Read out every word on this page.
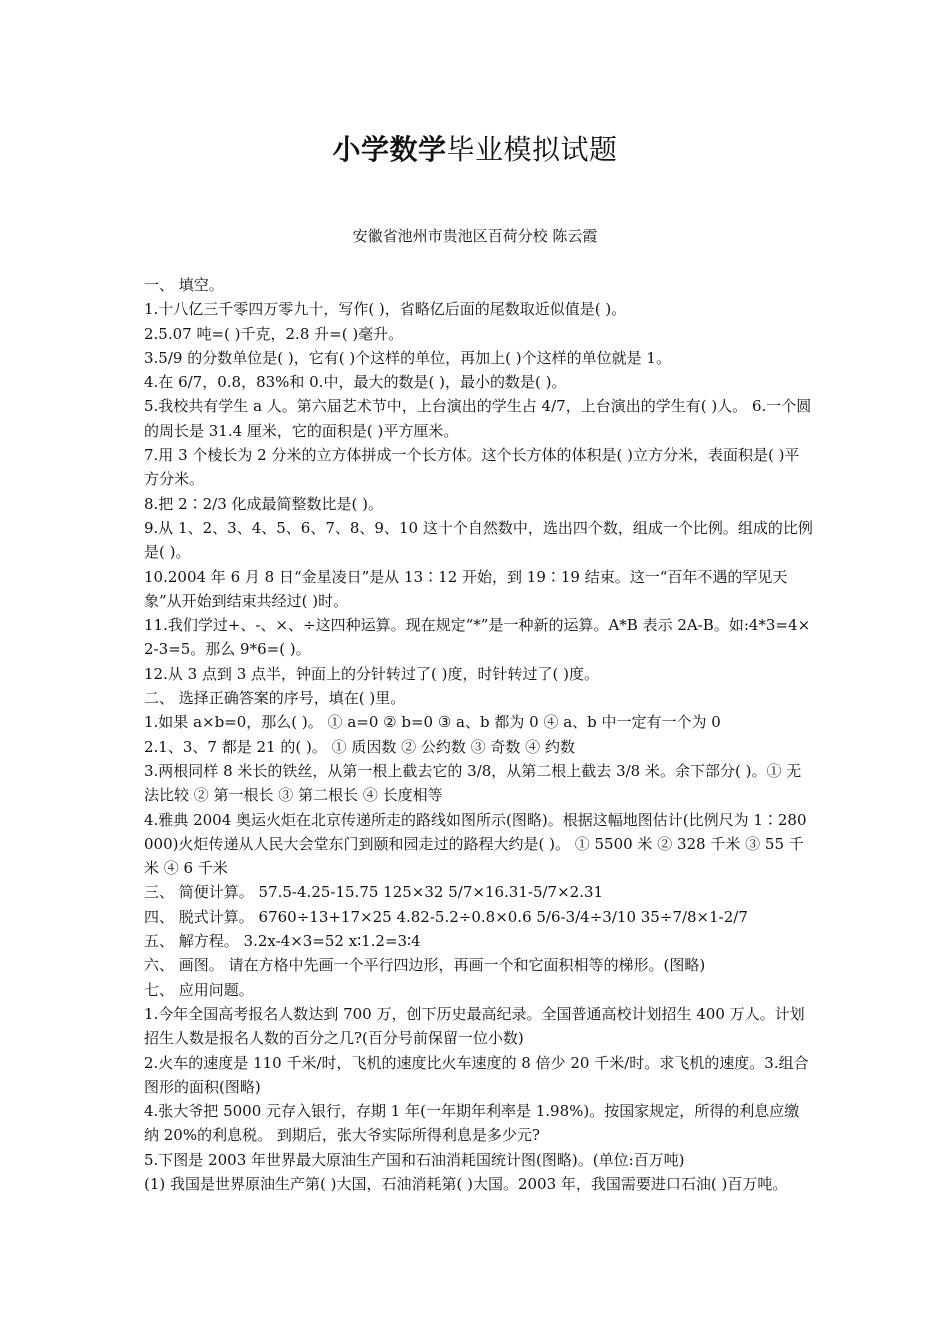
小学数学毕业模拟试题
安徽省池州市贵池区百荷分校 陈云霞

一、 填空。

1.十八亿三千零四万零九十，写作( )，省略亿后面的尾数取近似值是( )。

2.5.07 吨=( )千克，2.8 升=( )毫升。

3.5/9 的分数单位是( )，它有( )个这样的单位，再加上( )个这样的单位就是 1。

4.在 6/7，0.8，83%和 0.中，最大的数是( )，最小的数是( )。

5.我校共有学生 a 人。第六届艺术节中，上台演出的学生占 4/7，上台演出的学生有( )人。 6.一个圆的周长是 31.4 厘米，它的面积是( )平方厘米。

7.用 3 个棱长为 2 分米的立方体拼成一个长方体。这个长方体的体积是( )立方分米，表面积是( )平方分米。

8.把 2∶2/3 化成最简整数比是( )。

9.从 1、2、3、4、5、6、7、8、9、10 这十个自然数中，选出四个数，组成一个比例。组成的比例是( )。

10.2004 年 6 月 8 日“金星凌日”是从 13∶12 开始，到 19∶19 结束。这一“百年不遇的罕见天象”从开始到结束共经过( )时。

11.我们学过+、-、×、÷这四种运算。现在规定“*”是一种新的运算。A*B 表示 2A-B。如:4*3=4×2-3=5。那么 9*6=( )。

12.从 3 点到 3 点半，钟面上的分针转过了( )度，时针转过了( )度。

二、 选择正确答案的序号，填在( )里。

1.如果 a×b=0，那么( )。 ① a=0 ② b=0 ③ a、b 都为 0 ④ a、b 中一定有一个为 0

2.1、3、7 都是 21 的( )。 ① 质因数 ② 公约数 ③ 奇数 ④ 约数

3.两根同样 8 米长的铁丝，从第一根上截去它的 3/8，从第二根上截去 3/8 米。余下部分( )。① 无法比较 ② 第一根长 ③ 第二根长 ④ 长度相等

4.雅典 2004 奥运火炬在北京传递所走的路线如图所示(图略)。根据这幅地图估计(比例尺为 1∶280000)火炬传递从人民大会堂东门到颐和园走过的路程大约是( )。 ① 5500 米 ② 328 千米 ③ 55 千米 ④ 6 千米

三、 简便计算。 57.5-4.25-15.75 125×32 5/7×16.31-5/7×2.31

四、 脱式计算。 6760÷13+17×25 4.82-5.2÷0.8×0.6 5/6-3/4÷3/10 35÷7/8×1-2/7

五、 解方程。 3.2x-4×3=52 x∶1.2=3∶4

六、 画图。 请在方格中先画一个平行四边形，再画一个和它面积相等的梯形。(图略)

七、 应用问题。

1.今年全国高考报名人数达到 700 万，创下历史最高纪录。全国普通高校计划招生 400 万人。计划招生人数是报名人数的百分之几?(百分号前保留一位小数)

2.火车的速度是 110 千米/时，飞机的速度比火车速度的 8 倍少 20 千米/时。求飞机的速度。3.组合图形的面积(图略)

4.张大爷把 5000 元存入银行，存期 1 年(一年期年利率是 1.98%)。按国家规定，所得的利息应缴纳 20%的利息税。 到期后，张大爷实际所得利息是多少元?

5.下图是 2003 年世界最大原油生产国和石油消耗国统计图(图略)。(单位:百万吨)

(1) 我国是世界原油生产第( )大国，石油消耗第( )大国。2003 年，我国需要进口石油( )百万吨。
